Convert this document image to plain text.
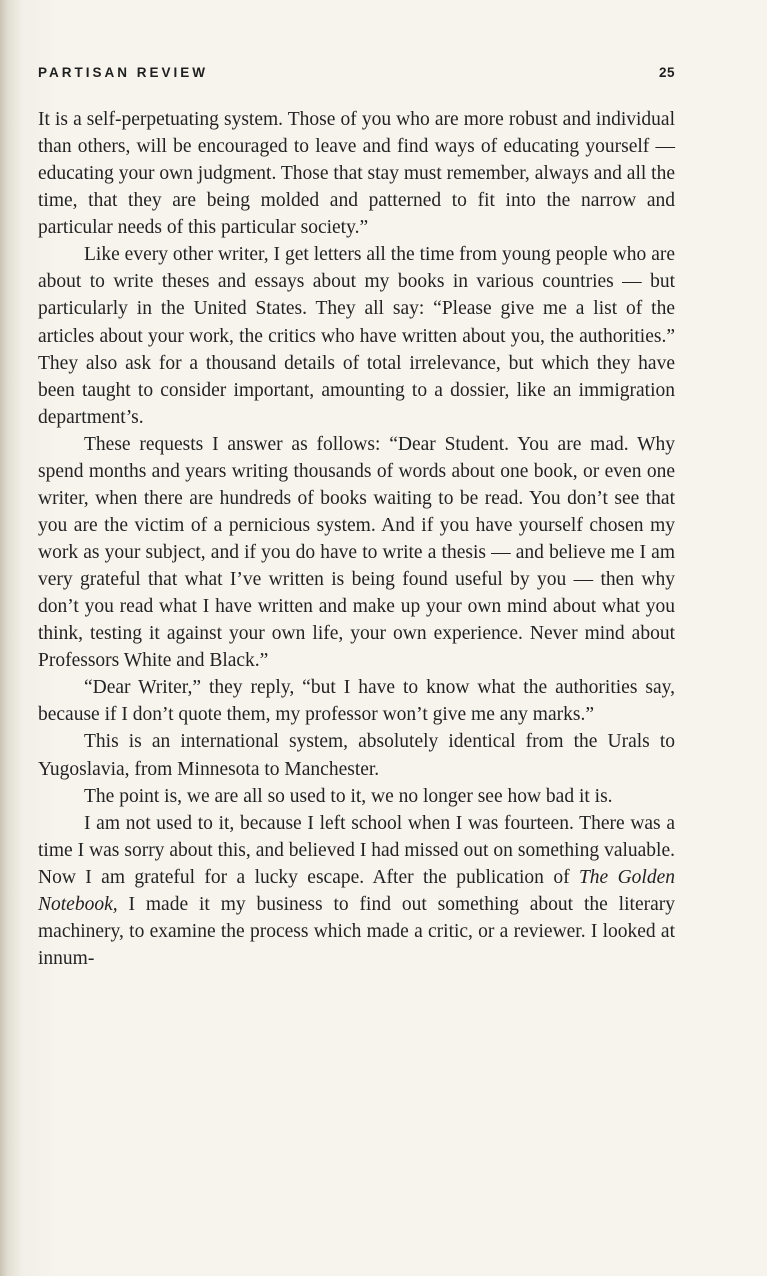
PARTISAN REVIEW	25

It is a self-perpetuating system. Those of you who are more robust and individual than others, will be encouraged to leave and find ways of educating yourself — educating your own judgment. Those that stay must remember, always and all the time, that they are being molded and patterned to fit into the narrow and particular needs of this particular society.”

Like every other writer, I get letters all the time from young people who are about to write theses and essays about my books in various countries — but particularly in the United States. They all say: “Please give me a list of the articles about your work, the critics who have written about you, the authorities.” They also ask for a thousand details of total irrelevance, but which they have been taught to consider important, amounting to a dossier, like an immigration department’s.

These requests I answer as follows: “Dear Student. You are mad. Why spend months and years writing thousands of words about one book, or even one writer, when there are hundreds of books waiting to be read. You don’t see that you are the victim of a pernicious system. And if you have yourself chosen my work as your subject, and if you do have to write a thesis — and believe me I am very grateful that what I’ve written is being found useful by you — then why don’t you read what I have written and make up your own mind about what you think, testing it against your own life, your own experience. Never mind about Professors White and Black.”

“Dear Writer,” they reply, “but I have to know what the authorities say, because if I don’t quote them, my professor won’t give me any marks.”

This is an international system, absolutely identical from the Urals to Yugoslavia, from Minnesota to Manchester.

The point is, we are all so used to it, we no longer see how bad it is.

I am not used to it, because I left school when I was fourteen. There was a time I was sorry about this, and believed I had missed out on something valuable. Now I am grateful for a lucky escape. After the publication of The Golden Notebook, I made it my business to find out something about the literary machinery, to examine the process which made a critic, or a reviewer. I looked at innum-
